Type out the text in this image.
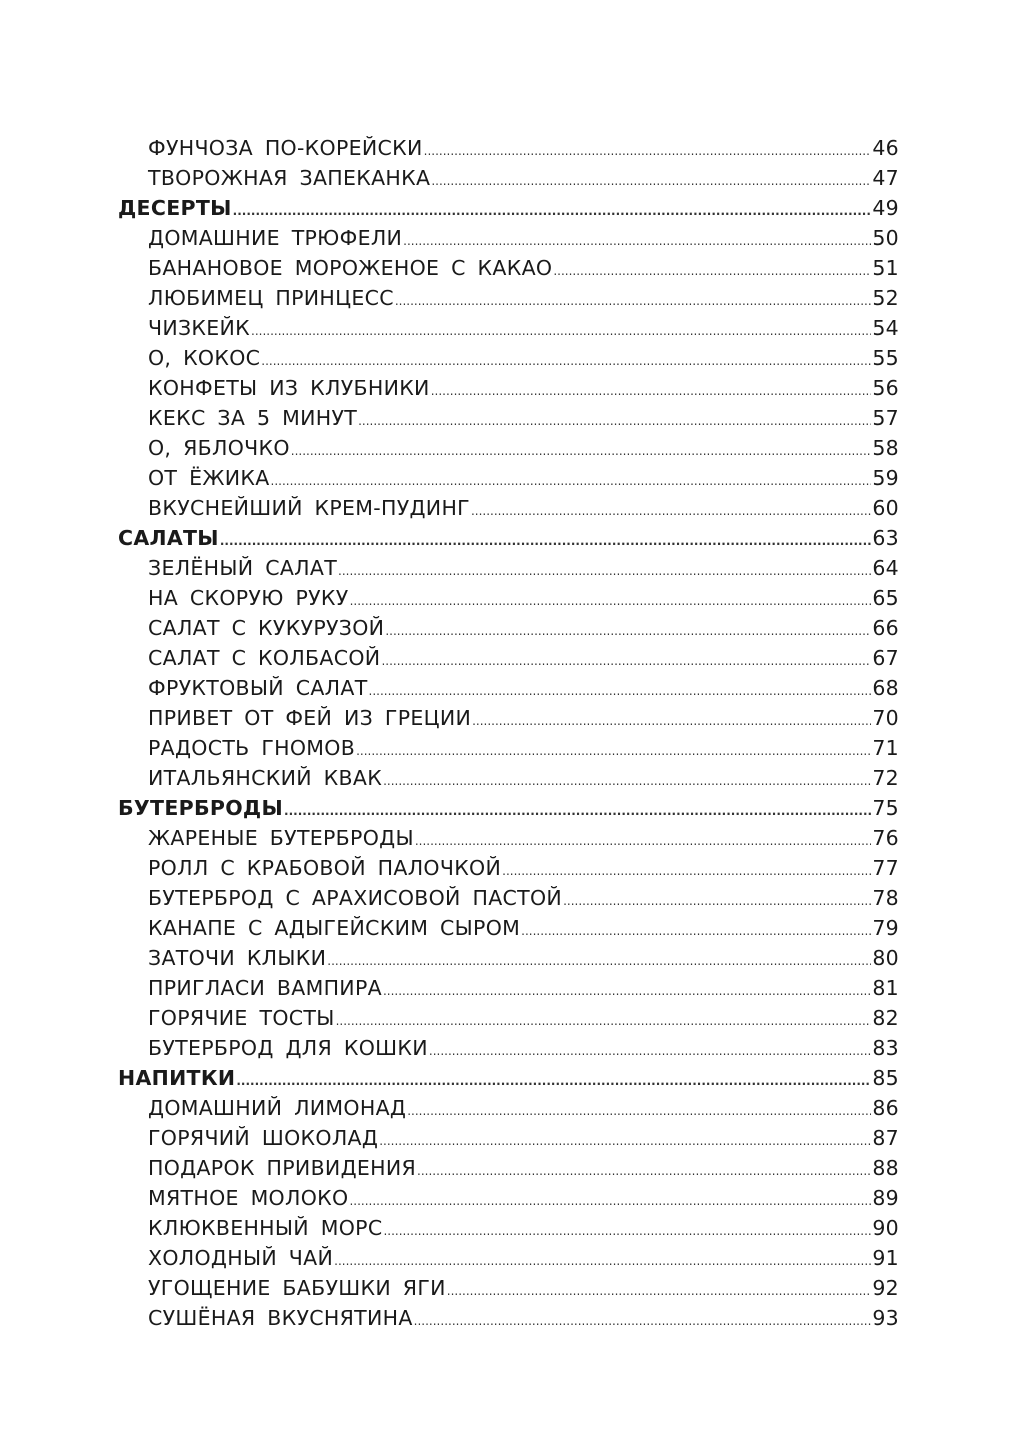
ФУНЧОЗА ПО-КОРЕЙСКИ .....	46
ТВОРОЖНАЯ ЗАПЕКАНКА .....	47
ДЕСЕРТЫ .....	49
ДОМАШНИЕ ТРЮФЕЛИ .....	50
БАНАНОВОЕ МОРОЖЕНОЕ С КАКАО .....	51
ЛЮБИМЕЦ ПРИНЦЕСС .....	52
ЧИЗКЕЙК .....	54
О, КОКОС .....	55
КОНФЕТЫ ИЗ КЛУБНИКИ .....	56
КЕКС ЗА 5 МИНУТ .....	57
О, ЯБЛОЧКО .....	58
ОТ ЁЖИКА .....	59
ВКУСНЕЙШИЙ КРЕМ-ПУДИНГ .....	60
САЛАТЫ .....	63
ЗЕЛЁНЫЙ САЛАТ .....	64
НА СКОРУЮ РУКУ .....	65
САЛАТ С КУКУРУЗОЙ .....	66
САЛАТ С КОЛБАСОЙ .....	67
ФРУКТОВЫЙ САЛАТ .....	68
ПРИВЕТ ОТ ФЕЙ ИЗ ГРЕЦИИ .....	70
РАДОСТЬ ГНОМОВ .....	71
ИТАЛЬЯНСКИЙ КВАК .....	72
БУТЕРБРОДЫ .....	75
ЖАРЕНЫЕ БУТЕРБРОДЫ .....	76
РОЛЛ С КРАБОВОЙ ПАЛОЧКОЙ .....	77
БУТЕРБРОД С АРАХИСОВОЙ ПАСТОЙ .....	78
КАНАПЕ С АДЫГЕЙСКИМ СЫРОМ .....	79
ЗАТОЧИ КЛЫКИ .....	80
ПРИГЛАСИ ВАМПИРА .....	81
ГОРЯЧИЕ ТОСТЫ .....	82
БУТЕРБРОД ДЛЯ КОШКИ .....	83
НАПИТКИ .....	85
ДОМАШНИЙ ЛИМОНАД .....	86
ГОРЯЧИЙ ШОКОЛАД .....	87
ПОДАРОК ПРИВИДЕНИЯ .....	88
МЯТНОЕ МОЛОКО .....	89
КЛЮКВЕННЫЙ МОРС .....	90
ХОЛОДНЫЙ ЧАЙ .....	91
УГОЩЕНИЕ БАБУШКИ ЯГИ .....	92
СУШЁНАЯ ВКУСНЯТИНА .....	93
